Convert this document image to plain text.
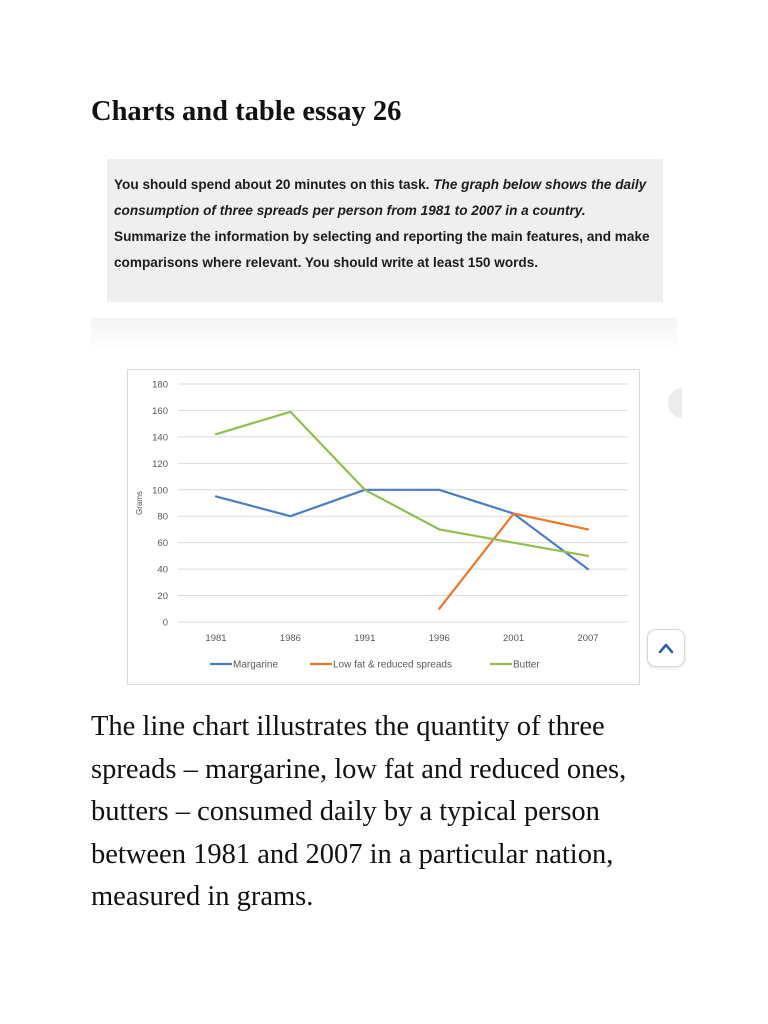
Charts and table essay 26
You should spend about 20 minutes on this task. The graph below shows the daily consumption of three spreads per person from 1981 to 2007 in a country. Summarize the information by selecting and reporting the main features, and make comparisons where relevant. You should write at least 150 words.
0
20
40
60
80
100
120
140
160
180
Grams
1981	1986	1991	1996	2001	2007
Margarine	Low fat & reduced spreads	Butter

The line chart illustrates the quantity of three spreads – margarine, low fat and reduced ones, butters – consumed daily by a typical person between 1981 and 2007 in a particular nation, measured in grams.
